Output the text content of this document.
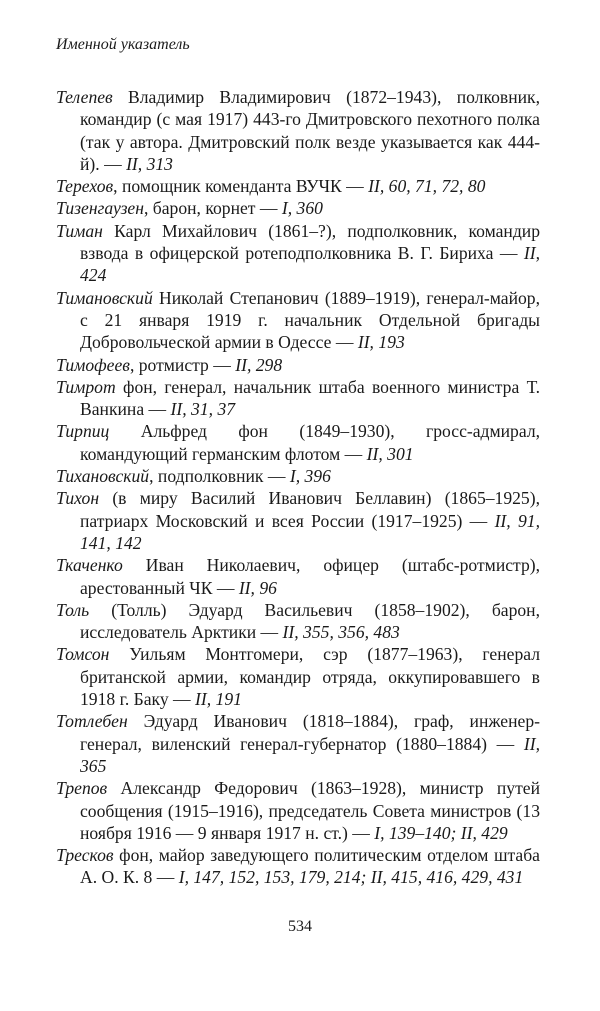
Именной указатель

Телепев Владимир Владимирович (1872–1943), полковник, командир (с мая 1917) 443-го Дмитровского пехотного полка (так у автора. Дмитровский полк везде указывается как 444-й). — II, 313

Терехов, помощник коменданта ВУЧК — II, 60, 71, 72, 80

Тизенгаузен, барон, корнет — I, 360

Тиман Карл Михайлович (1861–?), подполковник, командир взвода в офицерской ротеподполковника В. Г. Бириха — II, 424

Тимановский Николай Степанович (1889–1919), генерал-майор, с 21 января 1919 г. начальник Отдельной бригады Добровольческой армии в Одессе — II, 193

Тимофеев, ротмистр — II, 298

Тимрот фон, генерал, начальник штаба военного министра Т. Ванкина — II, 31, 37

Тирпиц Альфред фон (1849–1930), гросс-адмирал, командующий германским флотом — II, 301

Тихановский, подполковник — I, 396

Тихон (в миру Василий Иванович Беллавин) (1865–1925), патриарх Московский и всея России (1917–1925) — II, 91, 141, 142

Ткаченко Иван Николаевич, офицер (штабс-ротмистр), арестованный ЧК — II, 96

Толь (Толль) Эдуард Васильевич (1858–1902), барон, исследователь Арктики — II, 355, 356, 483

Томсон Уильям Монтгомери, сэр (1877–1963), генерал британской армии, командир отряда, оккупировавшего в 1918 г. Баку — II, 191

Тотлебен Эдуард Иванович (1818–1884), граф, инженер-генерал, виленский генерал-губернатор (1880–1884) — II, 365

Трепов Александр Федорович (1863–1928), министр путей сообщения (1915–1916), председатель Совета министров (13 ноября 1916 — 9 января 1917 н. ст.) — I, 139–140; II, 429

Тресков фон, майор заведующего политическим отделом штаба А. О. К. 8 — I, 147, 152, 153, 179, 214; II, 415, 416, 429, 431

534
